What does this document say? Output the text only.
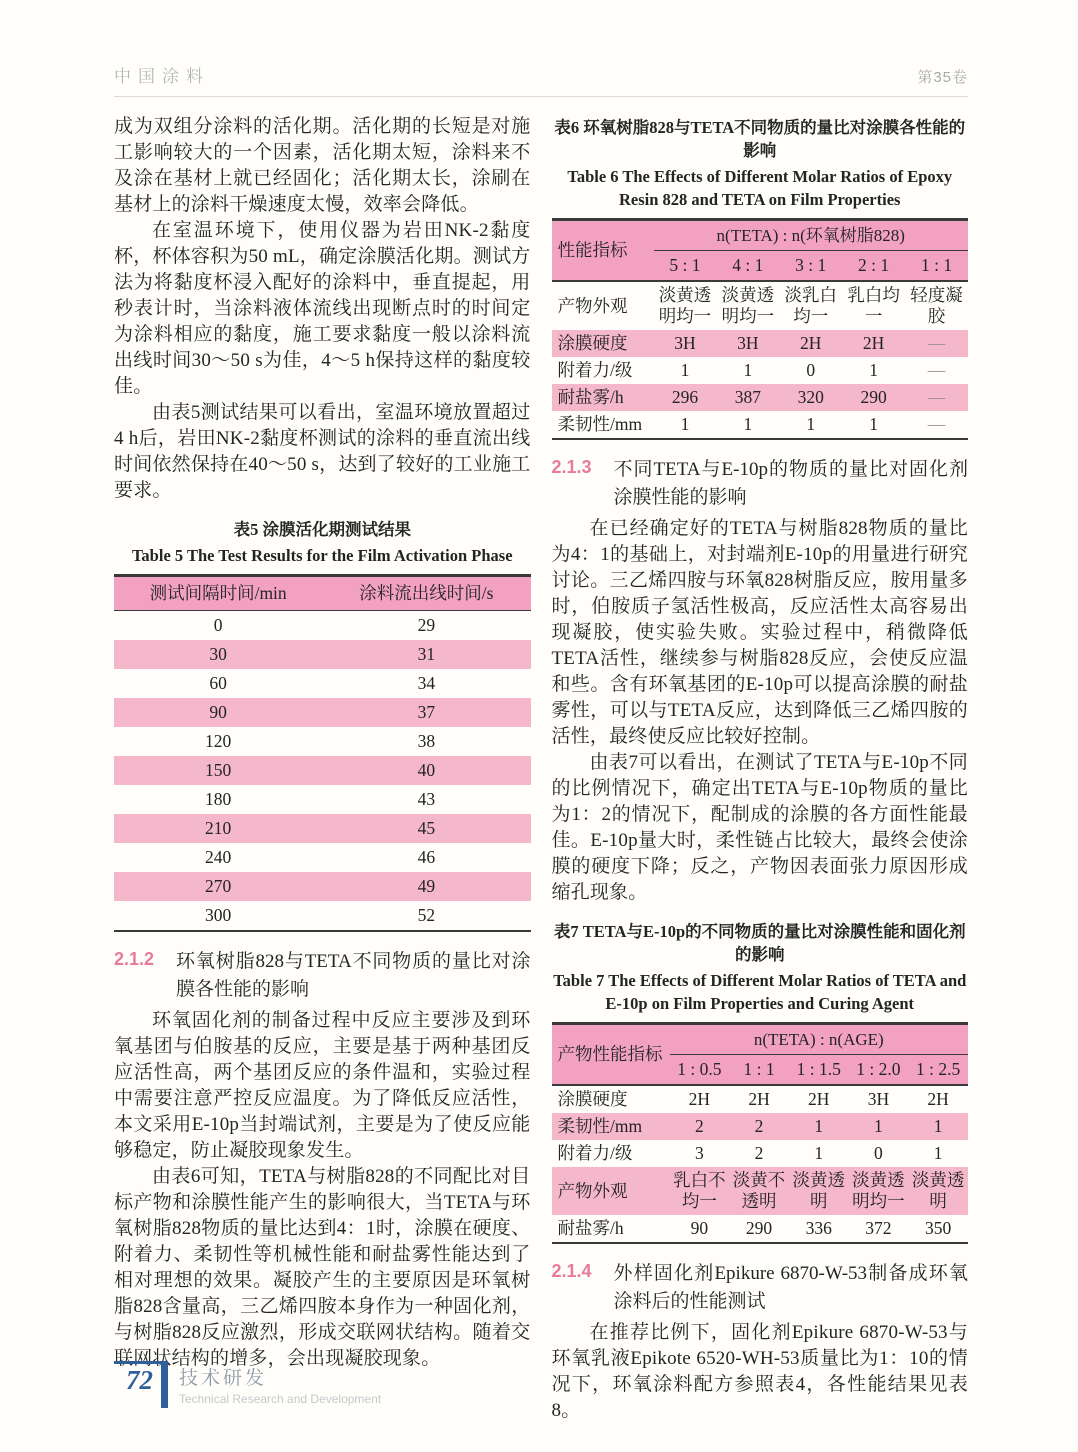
中国涂料	第35卷

成为双组分涂料的活化期。活化期的长短是对施工影响较大的一个因素，活化期太短，涂料来不及涂在基材上就已经固化；活化期太长，涂刷在基材上的涂料干燥速度太慢，效率会降低。

在室温环境下，使用仪器为岩田NK-2黏度杯，杯体容积为50 mL，确定涂膜活化期。测试方法为将黏度杯浸入配好的涂料中，垂直提起，用秒表计时，当涂料液体流线出现断点时的时间定为涂料相应的黏度，施工要求黏度一般以涂料流出线时间30～50 s为佳，4～5 h保持这样的黏度较佳。

由表5测试结果可以看出，室温环境放置超过4 h后，岩田NK-2黏度杯测试的涂料的垂直流出线时间依然保持在40～50 s，达到了较好的工业施工要求。

表5 涂膜活化期测试结果
Table 5 The Test Results for the Film Activation Phase
测试间隔时间/min	涂料流出线时间/s
0	29
30	31
60	34
90	37
120	38
150	40
180	43
210	45
240	46
270	49
300	52
2.1.2	环氧树脂828与TETA不同物质的量比对涂膜各性能的影响

环氧固化剂的制备过程中反应主要涉及到环氧基团与伯胺基的反应，主要是基于两种基团反应活性高，两个基团反应的条件温和，实验过程中需要注意严控反应温度。为了降低反应活性，本文采用E-10p当封端试剂，主要是为了使反应能够稳定，防止凝胶现象发生。

由表6可知，TETA与树脂828的不同配比对目标产物和涂膜性能产生的影响很大，当TETA与环氧树脂828物质的量比达到4：1时，涂膜在硬度、附着力、柔韧性等机械性能和耐盐雾性能达到了相对理想的效果。凝胶产生的主要原因是环氧树脂828含量高，三乙烯四胺本身作为一种固化剂，与树脂828反应激烈，形成交联网状结构。随着交联网状结构的增多，会出现凝胶现象。

表6 环氧树脂828与TETA不同物质的量比对涂膜各性能的影响
Table 6 The Effects of Different Molar Ratios of Epoxy Resin 828 and TETA on Film Properties
性能指标	n(TETA) : n(环氧树脂828)				
	5 : 1	4 : 1	3 : 1	2 : 1	1 : 1
产物外观	淡黄透明均一	淡黄透明均一	淡乳白均一	乳白均一	轻度凝胶
涂膜硬度	3H	3H	2H	2H	—
附着力/级	1	1	0	1	—
耐盐雾/h	296	387	320	290	—
柔韧性/mm	1	1	1	1	—
2.1.3	不同TETA与E-10p的物质的量比对固化剂涂膜性能的影响

在已经确定好的TETA与树脂828物质的量比为4：1的基础上，对封端剂E-10p的用量进行研究讨论。三乙烯四胺与环氧828树脂反应，胺用量多时，伯胺质子氢活性极高，反应活性太高容易出现凝胶，使实验失败。实验过程中，稍微降低TETA活性，继续参与树脂828反应，会使反应温和些。含有环氧基团的E-10p可以提高涂膜的耐盐雾性，可以与TETA反应，达到降低三乙烯四胺的活性，最终使反应比较好控制。

由表7可以看出，在测试了TETA与E-10p不同的比例情况下，确定出TETA与E-10p物质的量比为1：2的情况下，配制成的涂膜的各方面性能最佳。E-10p量大时，柔性链占比较大，最终会使涂膜的硬度下降；反之，产物因表面张力原因形成缩孔现象。

表7 TETA与E-10p的不同物质的量比对涂膜性能和固化剂的影响
Table 7 The Effects of Different Molar Ratios of TETA and E-10p on Film Properties and Curing Agent
产物性能指标	n(TETA) : n(AGE)				
	1 : 0.5	1 : 1	1 : 1.5	1 : 2.0	1 : 2.5
涂膜硬度	2H	2H	2H	3H	2H
柔韧性/mm	2	2	1	1	1
附着力/级	3	2	1	0	1
产物外观	乳白不均一	淡黄不透明	淡黄透明	淡黄透明均一	淡黄透明
耐盐雾/h	90	290	336	372	350
2.1.4	外样固化剂Epikure 6870-W-53制备成环氧涂料后的性能测试

在推荐比例下，固化剂Epikure 6870-W-53与环氧乳液Epikote 6520-WH-53质量比为1：10的情况下，环氧涂料配方参照表4，各性能结果见表8。

72	技术研发
Technical Research and Development
